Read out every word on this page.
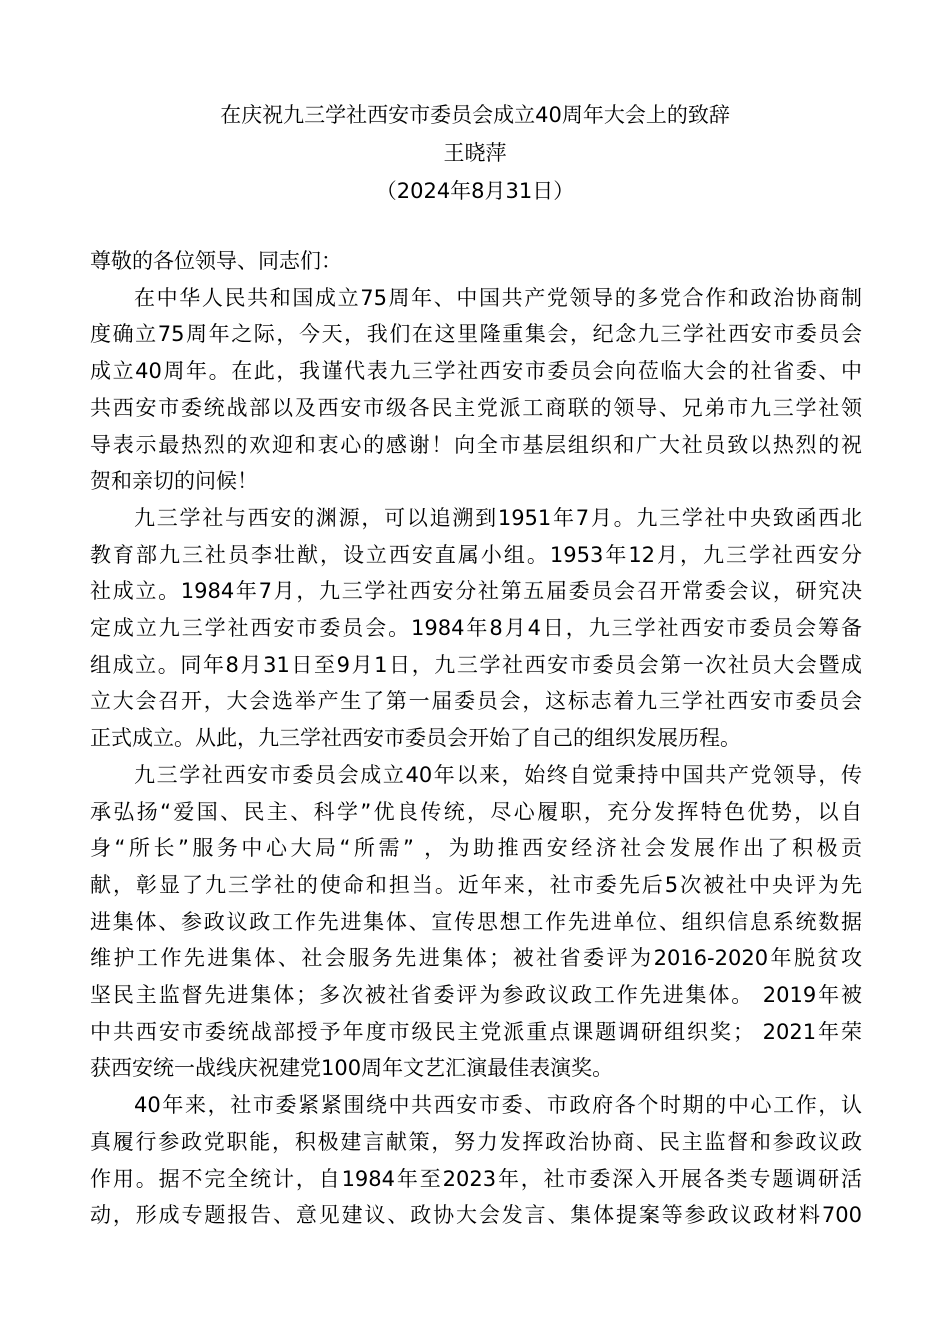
在庆祝九三学社西安市委员会成立40周年大会上的致辞
王晓萍
（2024年8月31日）
尊敬的各位领导、同志们：
在中华人民共和国成立75周年、中国共产党领导的多党合作和政治协商制
度确立75周年之际，今天，我们在这里隆重集会，纪念九三学社西安市委员会
成立40周年。在此，我谨代表九三学社西安市委员会向莅临大会的社省委、中
共西安市委统战部以及西安市级各民主党派工商联的领导、兄弟市九三学社领
导表示最热烈的欢迎和衷心的感谢！向全市基层组织和广大社员致以热烈的祝
贺和亲切的问候！
九三学社与西安的渊源，可以追溯到1951年7月。九三学社中央致函西北
教育部九三社员李壮猷，设立西安直属小组。1953年12月，九三学社西安分
社成立。1984年7月，九三学社西安分社第五届委员会召开常委会议，研究决
定成立九三学社西安市委员会。1984年8月4日，九三学社西安市委员会筹备
组成立。同年8月31日至9月1日，九三学社西安市委员会第一次社员大会暨成
立大会召开，大会选举产生了第一届委员会，这标志着九三学社西安市委员会
正式成立。从此，九三学社西安市委员会开始了自己的组织发展历程。
九三学社西安市委员会成立40年以来，始终自觉秉持中国共产党领导，传
承弘扬“爱国、民主、科学”优良传统，尽心履职，充分发挥特色优势，以自
身“所长”服务中心大局“所需” ，为助推西安经济社会发展作出了积极贡
献，彰显了九三学社的使命和担当。近年来，社市委先后5次被社中央评为先
进集体、参政议政工作先进集体、宣传思想工作先进单位、组织信息系统数据
维护工作先进集体、社会服务先进集体；被社省委评为2016-2020年脱贫攻
坚民主监督先进集体；多次被社省委评为参政议政工作先进集体。 2019年被
中共西安市委统战部授予年度市级民主党派重点课题调研组织奖； 2021年荣
获西安统一战线庆祝建党100周年文艺汇演最佳表演奖。
40年来，社市委紧紧围绕中共西安市委、市政府各个时期的中心工作，认
真履行参政党职能，积极建言献策，努力发挥政治协商、民主监督和参政议政
作用。据不完全统计，自1984年至2023年，社市委深入开展各类专题调研活
动，形成专题报告、意见建议、政协大会发言、集体提案等参政议政材料700
